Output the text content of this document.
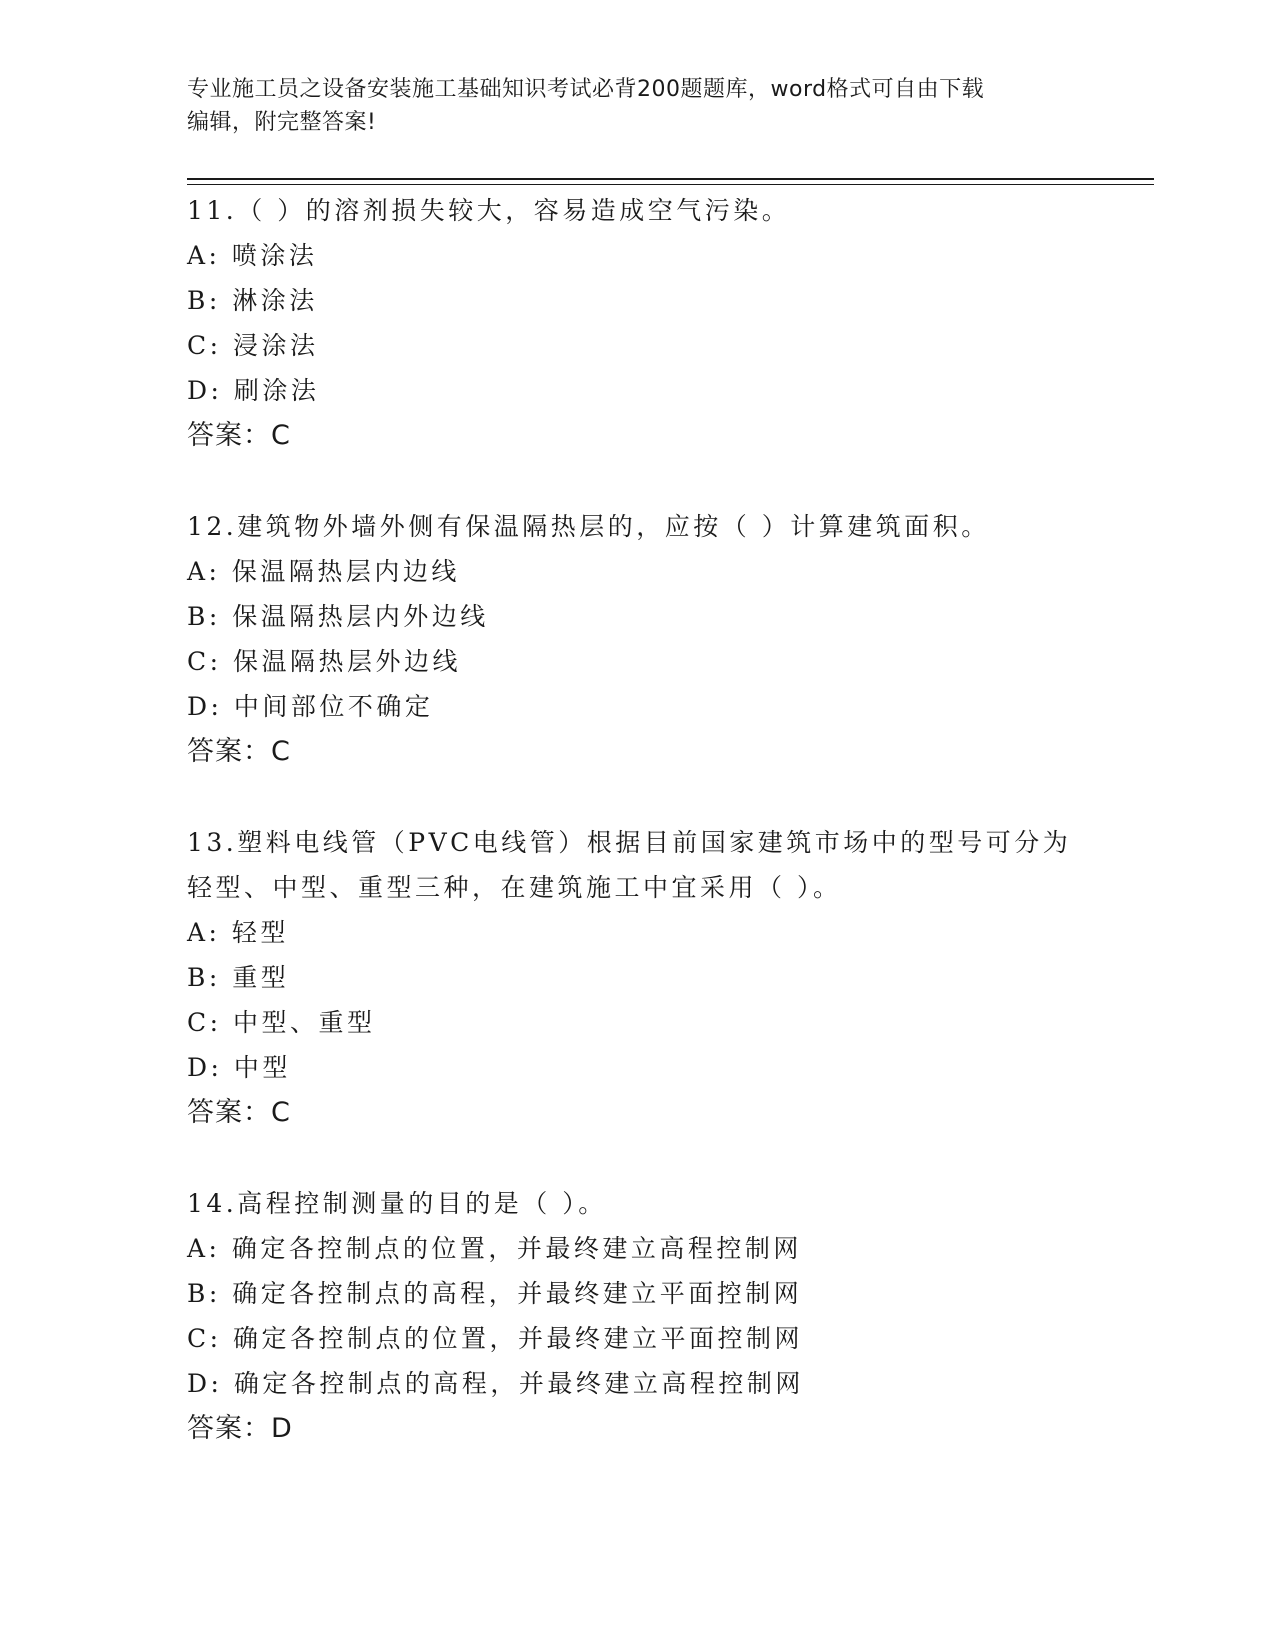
专业施工员之设备安装施工基础知识考试必背200题题库，word格式可自由下载
编辑，附完整答案!
11.（ ）的溶剂损失较大，容易造成空气污染。
A: 喷涂法
B: 淋涂法
C: 浸涂法
D: 刷涂法
答案：C
12.建筑物外墙外侧有保温隔热层的，应按（ ）计算建筑面积。
A: 保温隔热层内边线
B: 保温隔热层内外边线
C: 保温隔热层外边线
D: 中间部位不确定
答案：C
13.塑料电线管（PVC电线管）根据目前国家建筑市场中的型号可分为轻型、中型、重型三种，在建筑施工中宜采用（ ）。
A: 轻型
B: 重型
C: 中型、重型
D: 中型
答案：C
14.高程控制测量的目的是（ ）。
A: 确定各控制点的位置，并最终建立高程控制网
B: 确定各控制点的高程，并最终建立平面控制网
C: 确定各控制点的位置，并最终建立平面控制网
D: 确定各控制点的高程，并最终建立高程控制网
答案：D
